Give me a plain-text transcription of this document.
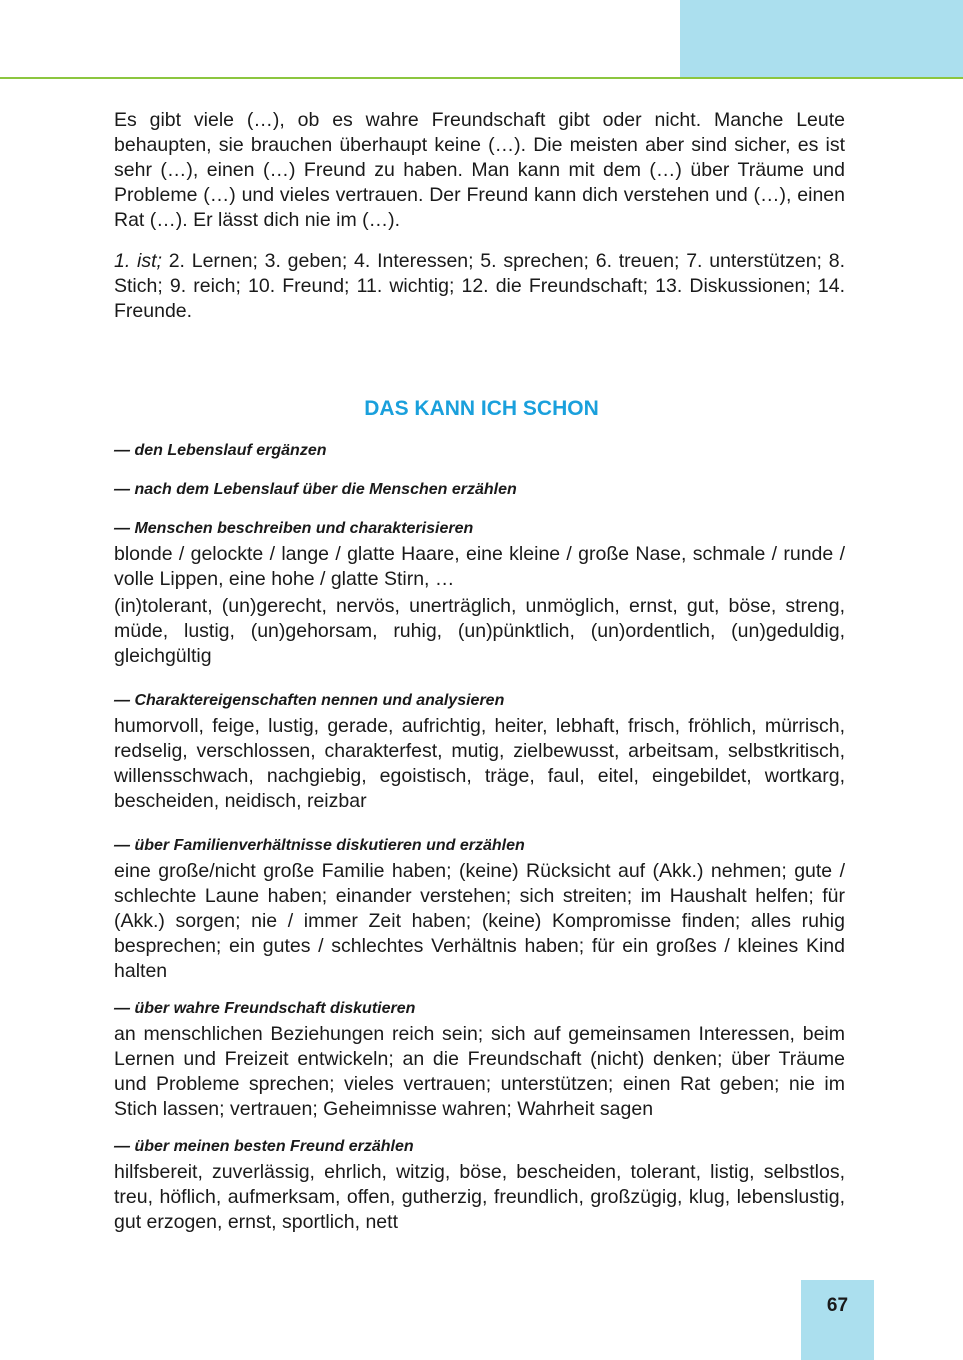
Es gibt viele (…), ob es wahre Freundschaft gibt oder nicht. Manche Leute behaupten, sie brauchen überhaupt keine (…). Die meisten aber sind sicher, es ist sehr (…), einen (…) Freund zu haben. Man kann mit dem (…) über Träume und Probleme (…) und vieles vertrauen. Der Freund kann dich verstehen und (…), einen Rat (…). Er lässt dich nie im (…).

1. ist; 2. Lernen; 3. geben; 4. Interessen; 5. sprechen; 6. treuen; 7. unterstützen; 8. Stich; 9. reich; 10. Freund; 11. wichtig; 12. die Freundschaft; 13. Diskussionen; 14. Freunde.

DAS KANN ICH SCHON

— den Lebenslauf ergänzen

— nach dem Lebenslauf über die Menschen erzählen

— Menschen beschreiben und charakterisieren

blonde / gelockte / lange / glatte Haare, eine kleine / große Nase, schmale / runde / volle Lippen, eine hohe / glatte Stirn, …

(in)tolerant, (un)gerecht, nervös, unerträglich, unmöglich, ernst, gut, böse, streng, müde, lustig, (un)gehorsam, ruhig, (un)pünktlich, (un)ordentlich, (un)geduldig, gleichgültig

— Charaktereigenschaften nennen und analysieren

humorvoll, feige, lustig, gerade, aufrichtig, heiter, lebhaft, frisch, fröhlich, mürrisch, redselig, verschlossen, charakterfest, mutig, zielbewusst, arbeitsam, selbstkritisch, willensschwach, nachgiebig, egoistisch, träge, faul, eitel, eingebildet, wortkarg, bescheiden, neidisch, reizbar

— über Familienverhältnisse diskutieren und erzählen

eine große/nicht große Familie haben; (keine) Rücksicht auf (Akk.) nehmen; gute / schlechte Laune haben; einander verstehen; sich streiten; im Haushalt helfen; für (Akk.) sorgen; nie / immer Zeit haben; (keine) Kompromisse finden; alles ruhig besprechen; ein gutes / schlechtes Verhältnis haben; für ein großes / kleines Kind halten

— über wahre Freundschaft diskutieren

an menschlichen Beziehungen reich sein; sich auf gemeinsamen Interessen, beim Lernen und Freizeit entwickeln; an die Freundschaft (nicht) denken; über Träume und Probleme sprechen; vieles vertrauen; unterstützen; einen Rat geben; nie im Stich lassen; vertrauen; Geheimnisse wahren; Wahrheit sagen

— über meinen besten Freund erzählen

hilfsbereit, zuverlässig, ehrlich, witzig, böse, bescheiden, tolerant, listig, selbstlos, treu, höflich, aufmerksam, offen, gutherzig, freundlich, großzügig, klug, lebenslustig, gut erzogen, ernst, sportlich, nett

67
